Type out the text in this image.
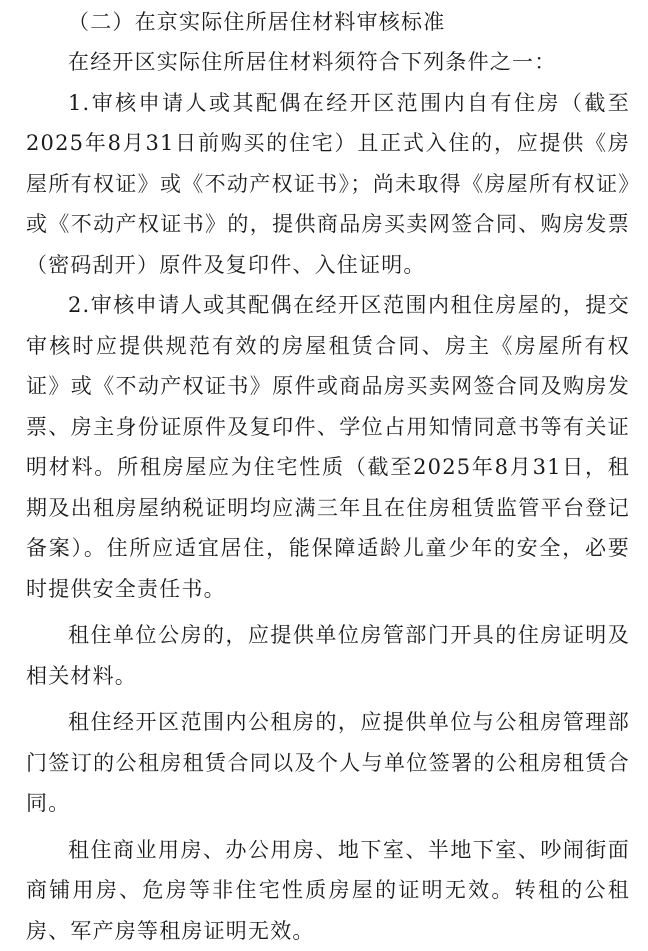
（二）在京实际住所居住材料审核标准

在经开区实际住所居住材料须符合下列条件之一：

1.审核申请人或其配偶在经开区范围内自有住房（截至2025年8月31日前购买的住宅）且正式入住的，应提供《房屋所有权证》或《不动产权证书》；尚未取得《房屋所有权证》或《不动产权证书》的，提供商品房买卖网签合同、购房发票（密码刮开）原件及复印件、入住证明。

2.审核申请人或其配偶在经开区范围内租住房屋的，提交审核时应提供规范有效的房屋租赁合同、房主《房屋所有权证》或《不动产权证书》原件或商品房买卖网签合同及购房发票、房主身份证原件及复印件、学位占用知情同意书等有关证明材料。所租房屋应为住宅性质（截至2025年8月31日，租期及出租房屋纳税证明均应满三年且在住房租赁监管平台登记备案）。住所应适宜居住，能保障适龄儿童少年的安全，必要时提供安全责任书。

租住单位公房的，应提供单位房管部门开具的住房证明及相关材料。

租住经开区范围内公租房的，应提供单位与公租房管理部门签订的公租房租赁合同以及个人与单位签署的公租房租赁合同。

租住商业用房、办公用房、地下室、半地下室、吵闹街面商铺用房、危房等非住宅性质房屋的证明无效。转租的公租房、军产房等租房证明无效。
